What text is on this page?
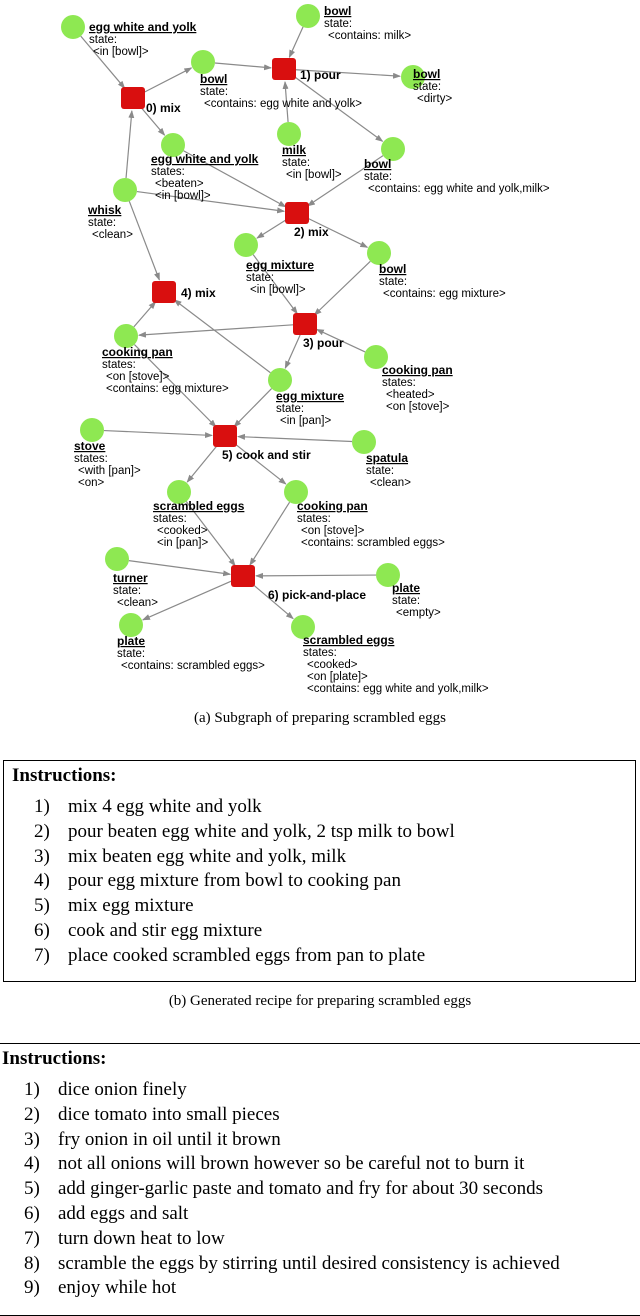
egg white and yolk
state:
<in [bowl]>
bowl
state:
<contains: milk>
bowl
state:
<contains: egg white and yolk>
bowl
state:
<dirty>
milk
state:
<in [bowl]>
bowl
state:
<contains: egg white and yolk,milk>
egg white and yolk
states:
<beaten>
<in [bowl]>
whisk
state:
<clean>
egg mixture
state:
<in [bowl]>
bowl
state:
<contains: egg mixture>
cooking pan
states:
<on [stove]>
<contains: egg mixture>
cooking pan
states:
<heated>
<on [stove]>
egg mixture
state:
<in [pan]>
stove
states:
<with [pan]>
<on>
spatula
state:
<clean>
scrambled eggs
states:
<cooked>
<in [pan]>
cooking pan
states:
<on [stove]>
<contains: scrambled eggs>
turner
state:
<clean>
plate
state:
<empty>
plate
state:
<contains: scrambled eggs>
scrambled eggs
states:
<cooked>
<on [plate]>
<contains: egg white and yolk,milk>
0) mix
1) pour
2) mix
3) pour
4) mix
5) cook and stir
6) pick-and-place
(a) Subgraph of preparing scrambled eggs
Instructions:
1) mix 4 egg white and yolk
2) pour beaten egg white and yolk, 2 tsp milk to bowl
3) mix beaten egg white and yolk, milk
4) pour egg mixture from bowl to cooking pan
5) mix egg mixture
6) cook and stir egg mixture
7) place cooked scrambled eggs from pan to plate
(b) Generated recipe for preparing scrambled eggs
Instructions:
1) dice onion finely
2) dice tomato into small pieces
3) fry onion in oil until it brown
4) not all onions will brown however so be careful not to burn it
5) add ginger-garlic paste and tomato and fry for about 30 seconds
6) add eggs and salt
7) turn down heat to low
8) scramble the eggs by stirring until desired consistency is achieved
9) enjoy while hot
